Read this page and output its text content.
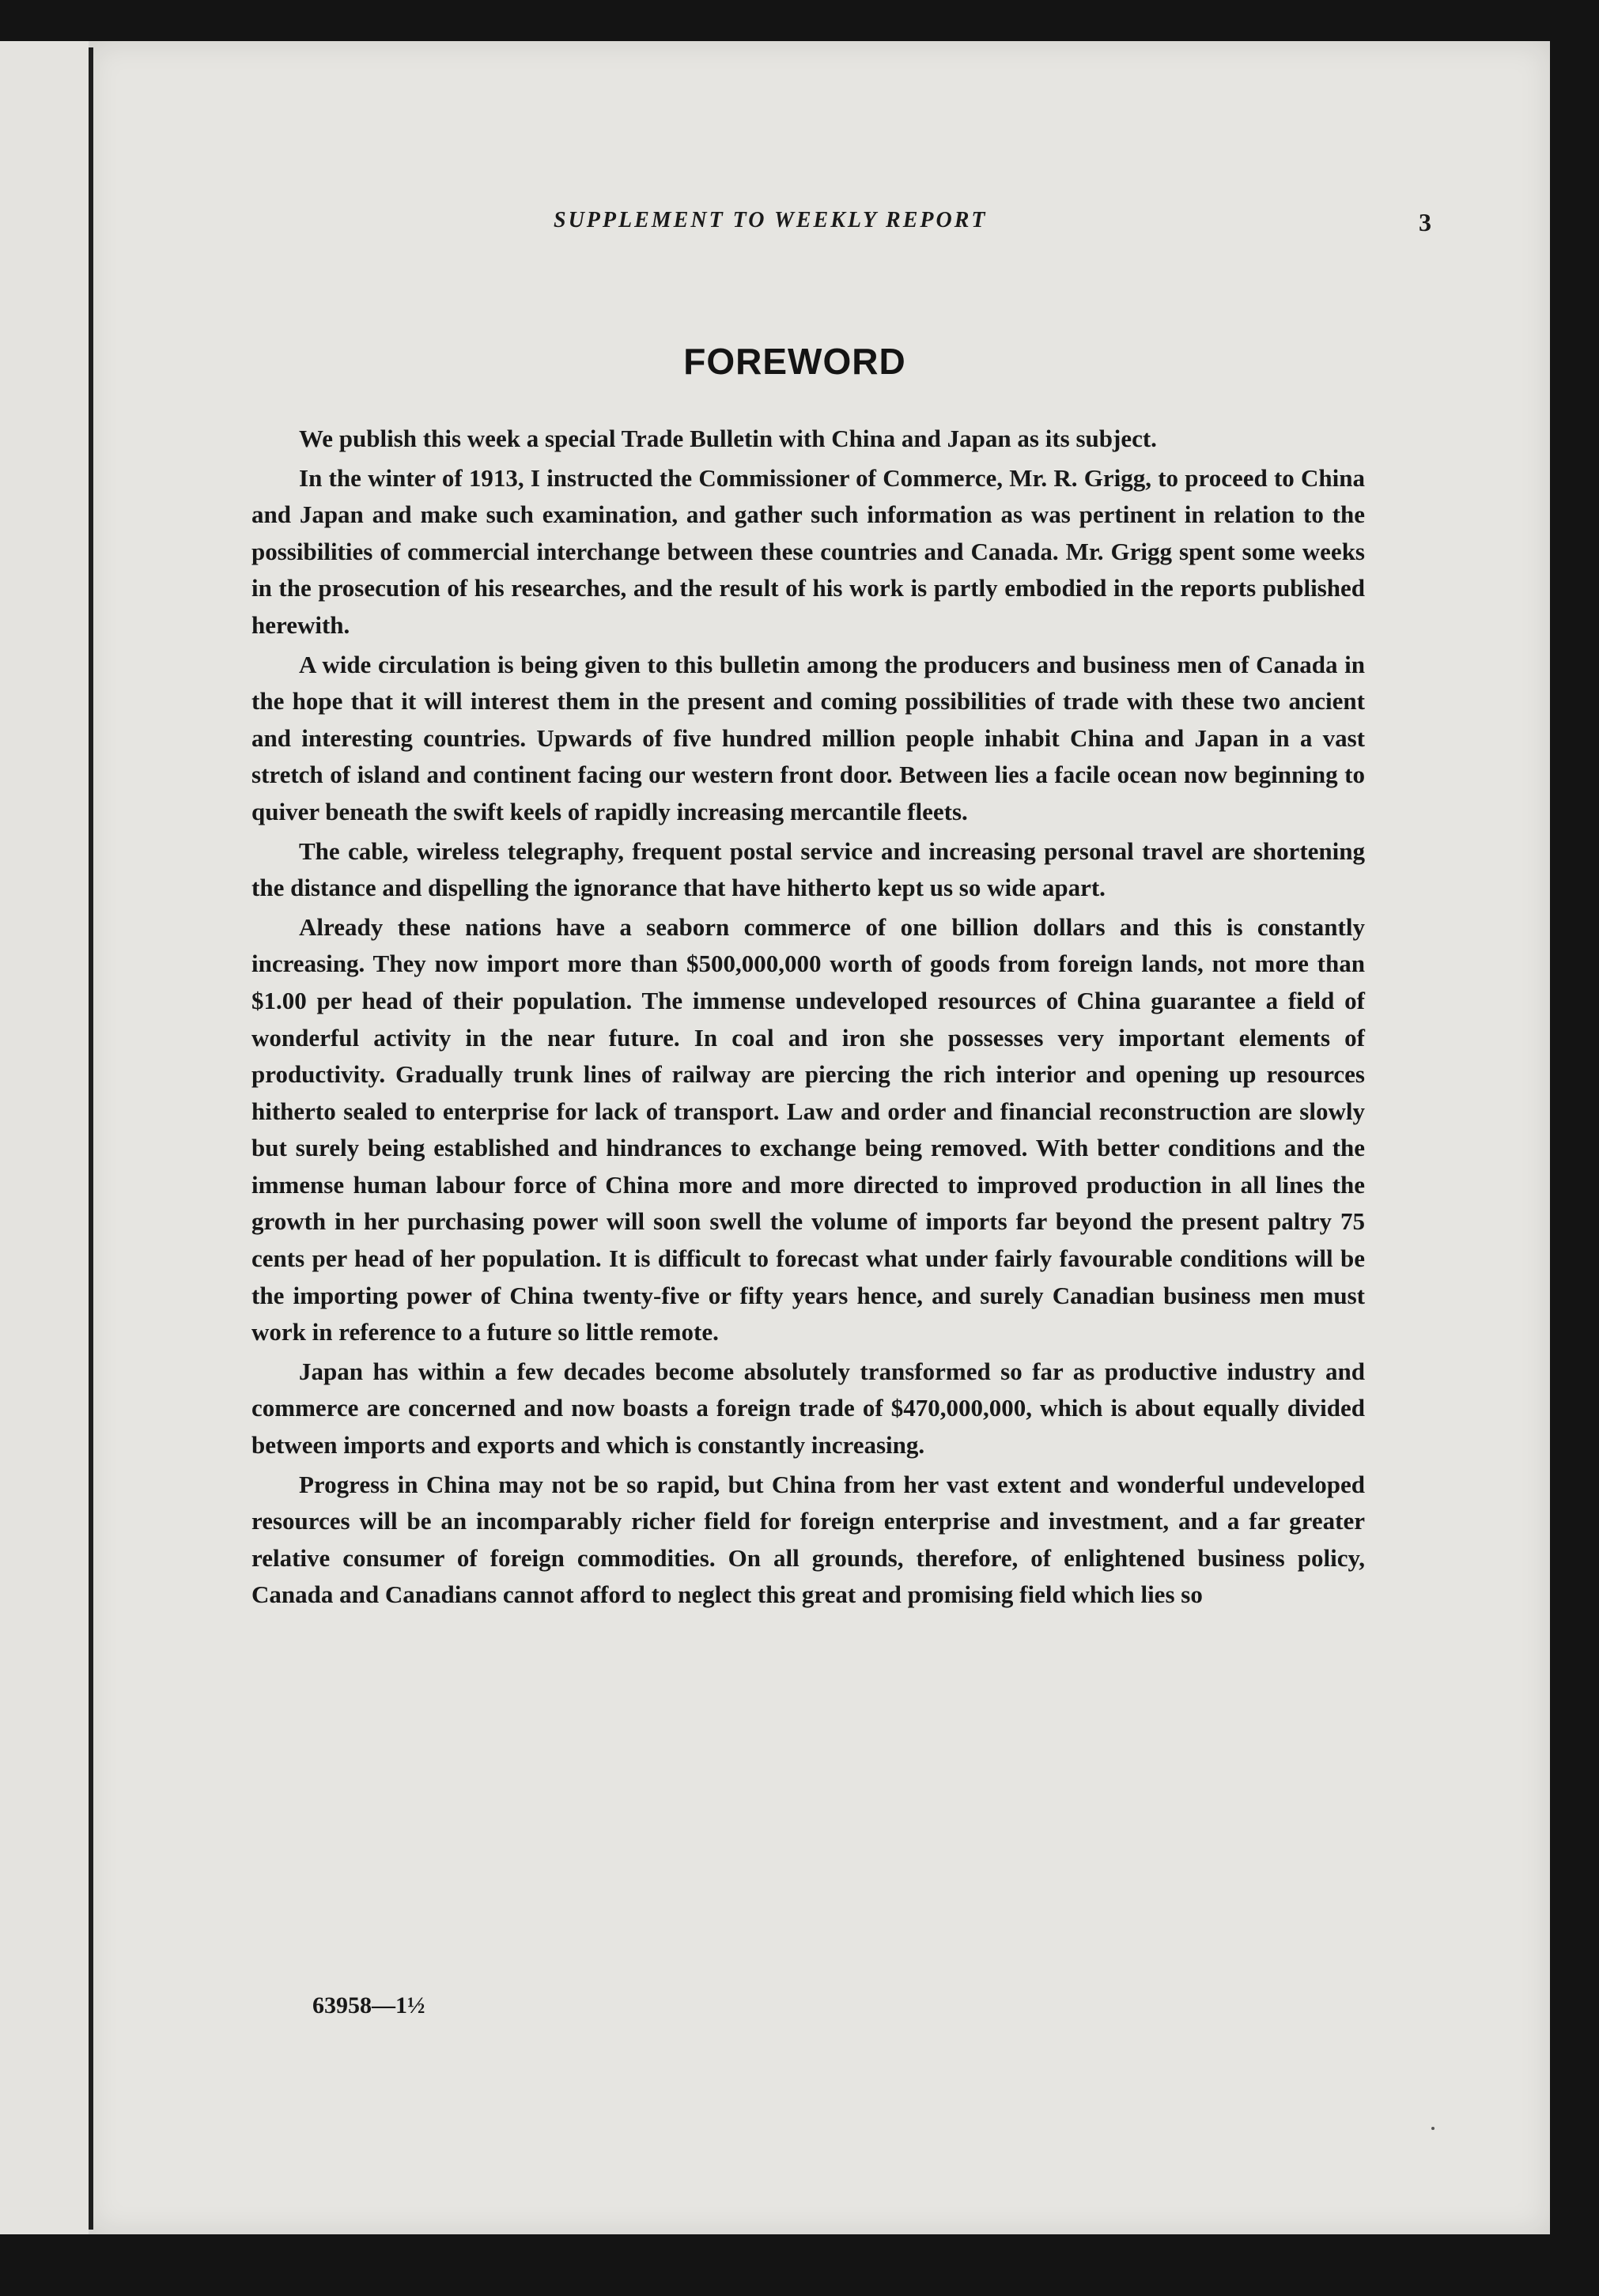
SUPPLEMENT TO WEEKLY REPORT	3
FOREWORD

We publish this week a special Trade Bulletin with China and Japan as its subject.

In the winter of 1913, I instructed the Commissioner of Commerce, Mr. R. Grigg, to proceed to China and Japan and make such examination, and gather such information as was pertinent in relation to the possibilities of commercial interchange between these countries and Canada. Mr. Grigg spent some weeks in the prosecution of his researches, and the result of his work is partly embodied in the reports published herewith.

A wide circulation is being given to this bulletin among the producers and business men of Canada in the hope that it will interest them in the present and coming possibilities of trade with these two ancient and interesting countries. Upwards of five hundred million people inhabit China and Japan in a vast stretch of island and continent facing our western front door. Between lies a facile ocean now beginning to quiver beneath the swift keels of rapidly increasing mercantile fleets.

The cable, wireless telegraphy, frequent postal service and increasing personal travel are shortening the distance and dispelling the ignorance that have hitherto kept us so wide apart.

Already these nations have a seaborn commerce of one billion dollars and this is constantly increasing. They now import more than $500,000,000 worth of goods from foreign lands, not more than $1.00 per head of their population. The immense undeveloped resources of China guarantee a field of wonderful activity in the near future. In coal and iron she possesses very important elements of productivity. Gradually trunk lines of railway are piercing the rich interior and opening up resources hitherto sealed to enterprise for lack of transport. Law and order and financial reconstruction are slowly but surely being established and hindrances to exchange being removed. With better conditions and the immense human labour force of China more and more directed to improved production in all lines the growth in her purchasing power will soon swell the volume of imports far beyond the present paltry 75 cents per head of her population. It is difficult to forecast what under fairly favourable conditions will be the importing power of China twenty-five or fifty years hence, and surely Canadian business men must work in reference to a future so little remote.

Japan has within a few decades become absolutely transformed so far as productive industry and commerce are concerned and now boasts a foreign trade of $470,000,000, which is about equally divided between imports and exports and which is constantly increasing.

Progress in China may not be so rapid, but China from her vast extent and wonderful undeveloped resources will be an incomparably richer field for foreign enterprise and investment, and a far greater relative consumer of foreign commodities. On all grounds, therefore, of enlightened business policy, Canada and Canadians cannot afford to neglect this great and promising field which lies so

63958—1½
